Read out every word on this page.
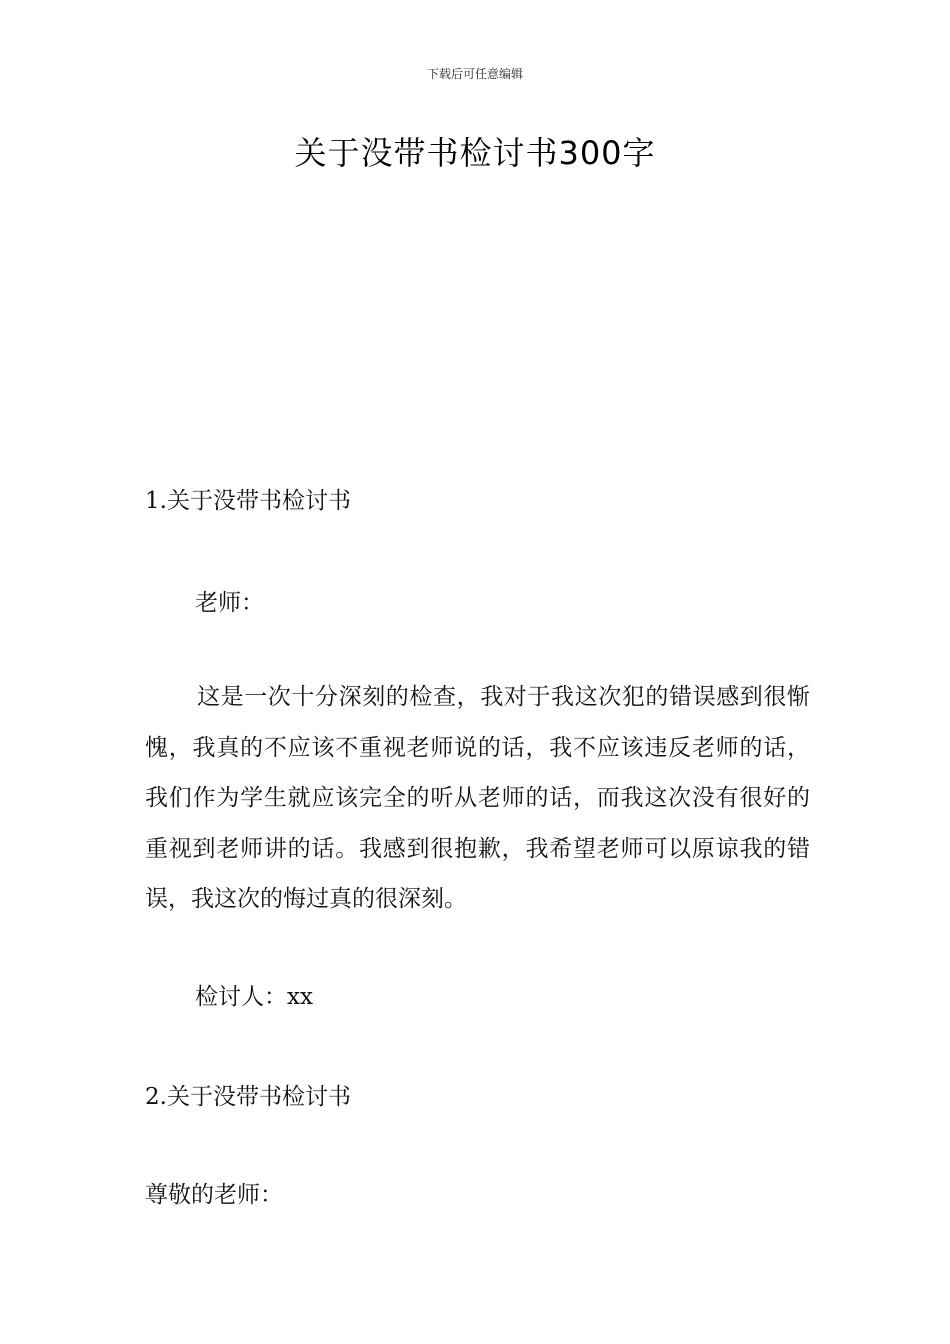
下载后可任意编辑
关于没带书检讨书300字
1.关于没带书检讨书
老师：
这是一次十分深刻的检查，我对于我这次犯的错误感到很惭愧，我真的不应该不重视老师说的话，我不应该违反老师的话，我们作为学生就应该完全的听从老师的话，而我这次没有很好的重视到老师讲的话。我感到很抱歉，我希望老师可以原谅我的错误，我这次的悔过真的很深刻。
检讨人：xx
2.关于没带书检讨书
尊敬的老师：
